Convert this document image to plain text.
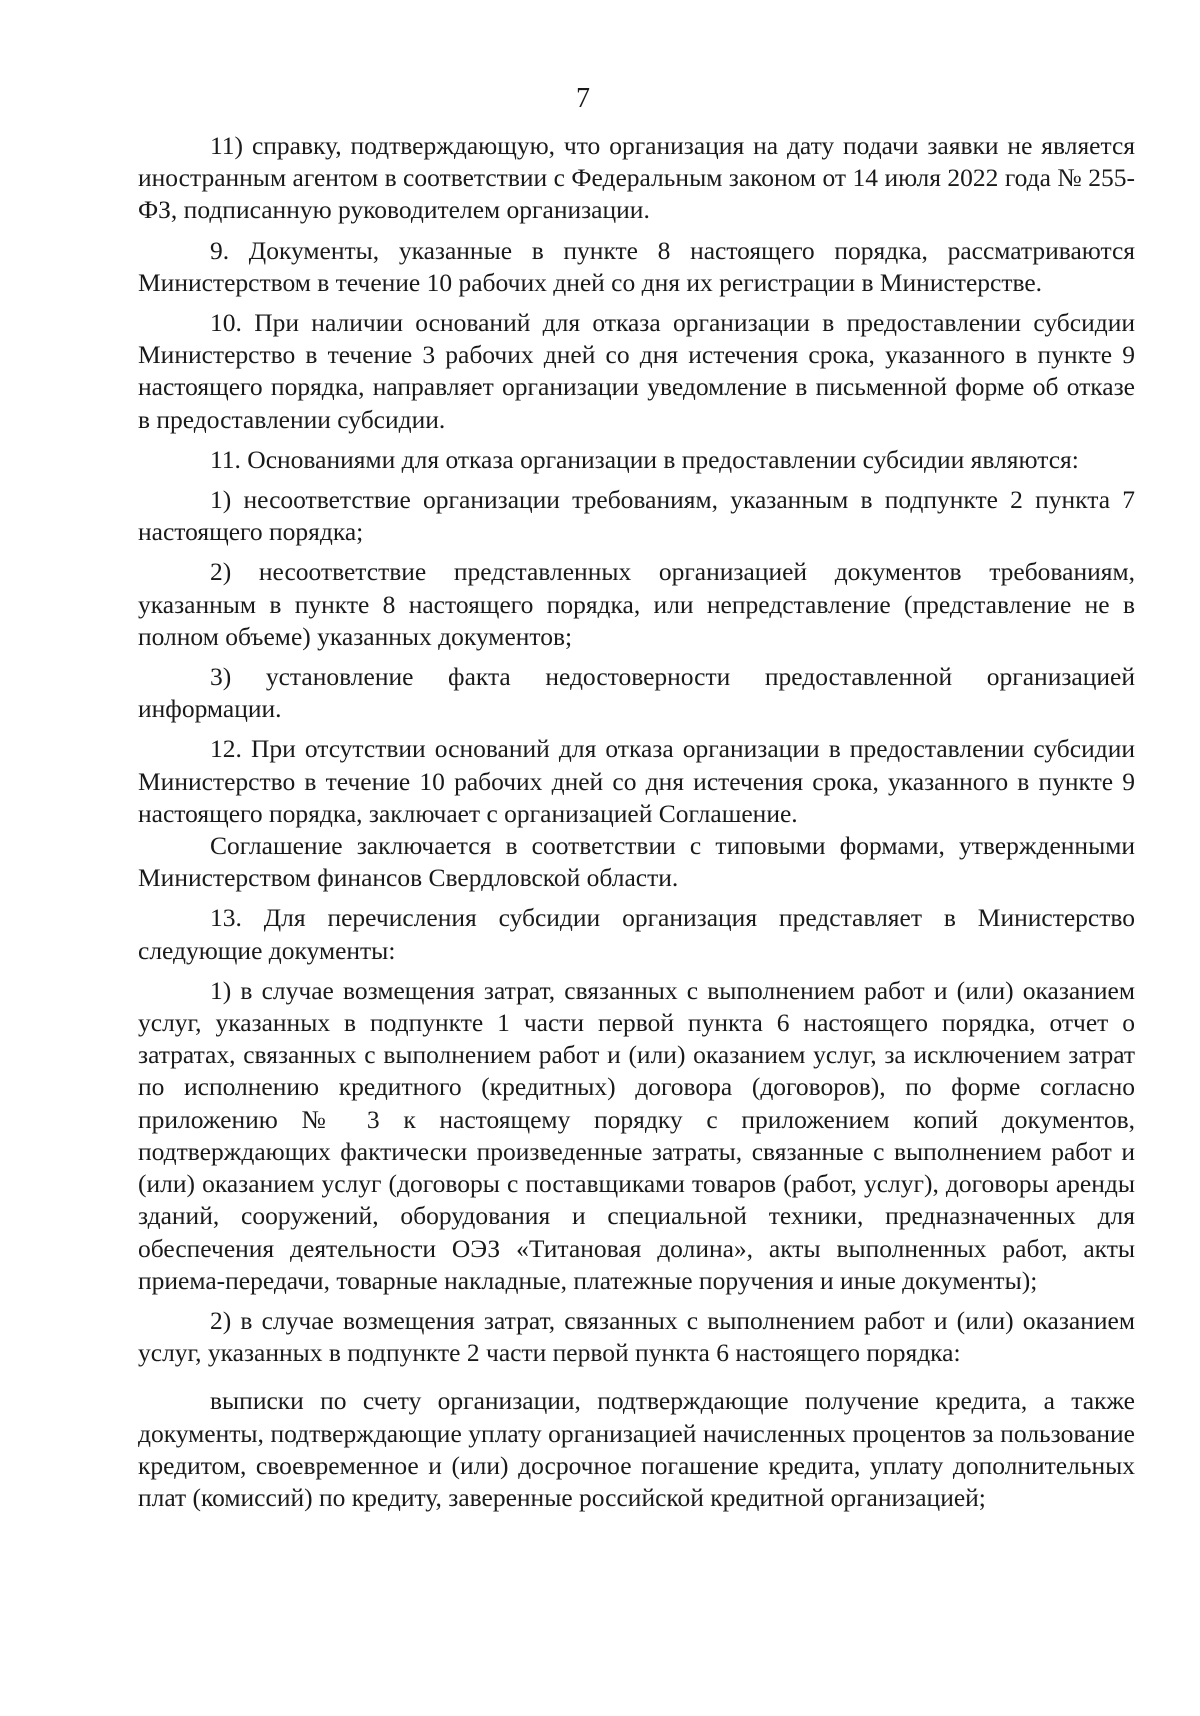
7

11) справку, подтверждающую, что организация на дату подачи заявки не является иностранным агентом в соответствии с Федеральным законом от 14 июля 2022 года № 255-ФЗ, подписанную руководителем организации.

9. Документы, указанные в пункте 8 настоящего порядка, рассматриваются Министерством в течение 10 рабочих дней со дня их регистрации в Министерстве.

10. При наличии оснований для отказа организации в предоставлении субсидии Министерство в течение 3 рабочих дней со дня истечения срока, указанного в пункте 9 настоящего порядка, направляет организации уведомление в письменной форме об отказе в предоставлении субсидии.

11. Основаниями для отказа организации в предоставлении субсидии являются:

1) несоответствие организации требованиям, указанным в подпункте 2 пункта 7 настоящего порядка;

2) несоответствие представленных организацией документов требованиям, указанным в пункте 8 настоящего порядка, или непредставление (представление не в полном объеме) указанных документов;

3) установление факта недостоверности предоставленной организацией информации.

12. При отсутствии оснований для отказа организации в предоставлении субсидии Министерство в течение 10 рабочих дней со дня истечения срока, указанного в пункте 9 настоящего порядка, заключает с организацией Соглашение.

Соглашение заключается в соответствии с типовыми формами, утвержденными Министерством финансов Свердловской области.

13. Для перечисления субсидии организация представляет в Министерство следующие документы:

1) в случае возмещения затрат, связанных с выполнением работ и (или) оказанием услуг, указанных в подпункте 1 части первой пункта 6 настоящего порядка, отчет о затратах, связанных с выполнением работ и (или) оказанием услуг, за исключением затрат по исполнению кредитного (кредитных) договора (договоров), по форме согласно приложению № 3 к настоящему порядку с приложением копий документов, подтверждающих фактически произведенные затраты, связанные с выполнением работ и (или) оказанием услуг (договоры с поставщиками товаров (работ, услуг), договоры аренды зданий, сооружений, оборудования и специальной техники, предназначенных для обеспечения деятельности ОЭЗ «Титановая долина», акты выполненных работ, акты приема-передачи, товарные накладные, платежные поручения и иные документы);

2) в случае возмещения затрат, связанных с выполнением работ и (или) оказанием услуг, указанных в подпункте 2 части первой пункта 6 настоящего порядка:

выписки по счету организации, подтверждающие получение кредита, а также документы, подтверждающие уплату организацией начисленных процентов за пользование кредитом, своевременное и (или) досрочное погашение кредита, уплату дополнительных плат (комиссий) по кредиту, заверенные российской кредитной организацией;
